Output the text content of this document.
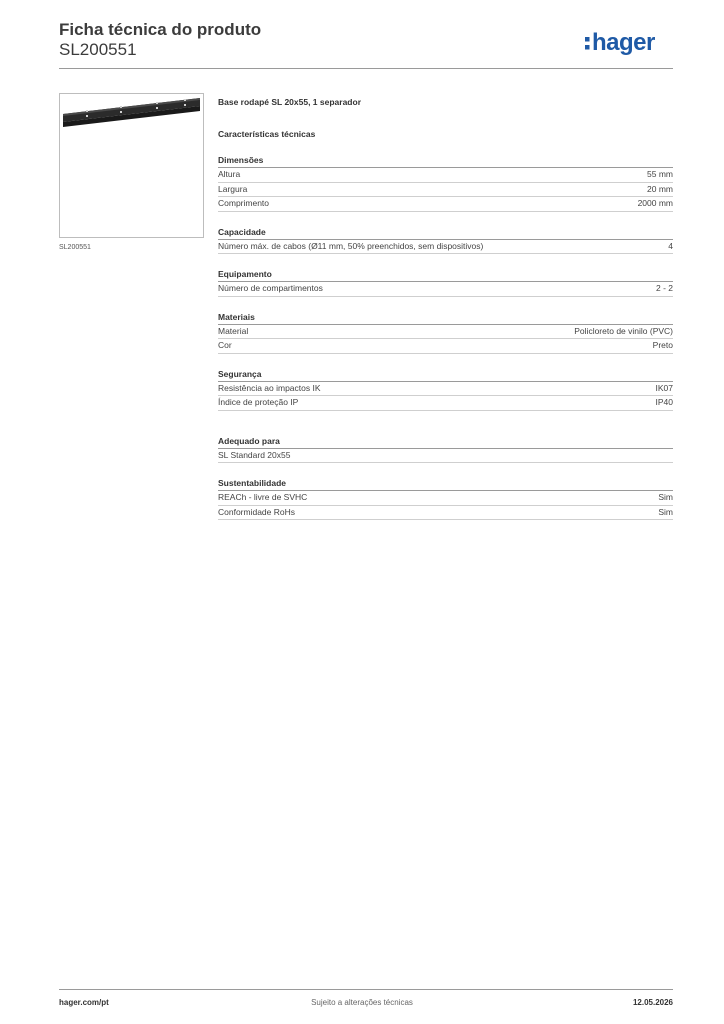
Ficha técnica do produto
SL200551	hager
SL200551
Base rodapé SL 20x55, 1 separador
Características técnicas
Dimensões
Altura	55 mm
Largura	20 mm
Comprimento	2000 mm
Capacidade
Número máx. de cabos (Ø11 mm, 50% preenchidos, sem dispositivos)	4
Equipamento
Número de compartimentos	2 - 2
Materiais
Material	Policloreto de vinilo (PVC)
Cor	Preto
Segurança
Resistência ao impactos IK	IK07
Índice de proteção IP	IP40
Adequado para
SL Standard 20x55
Sustentabilidade
REACh - livre de SVHC	Sim
Conformidade RoHs	Sim
hager.com/pt	Sujeito a alterações técnicas	12.05.2026
